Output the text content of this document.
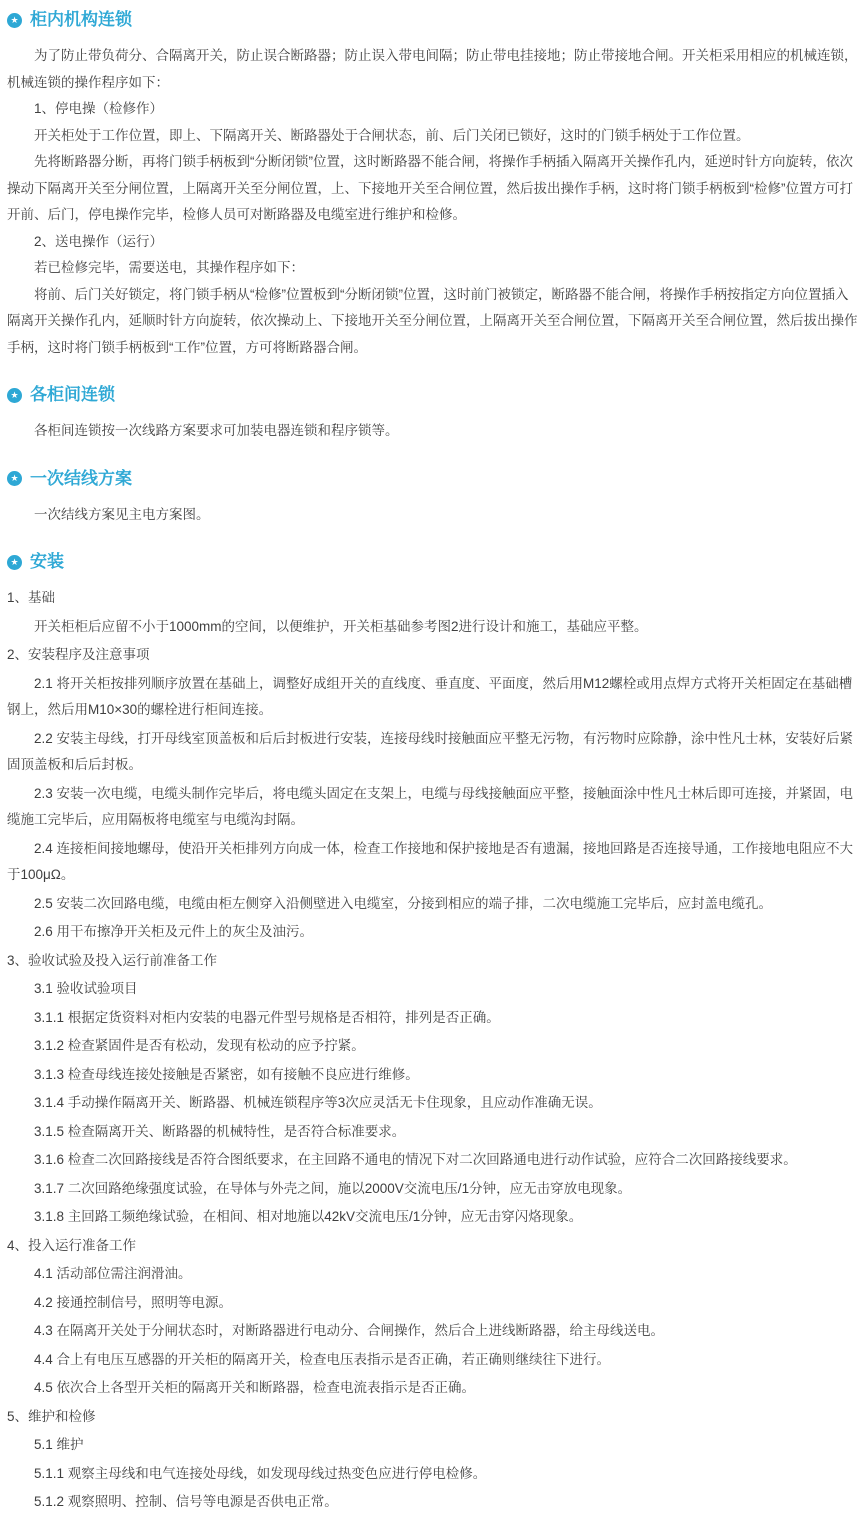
★ 柜内机构连锁

为了防止带负荷分、合隔离开关，防止误合断路器；防止误入带电间隔；防止带电挂接地；防止带接地合闸。开关柜采用相应的机械连锁，机械连锁的操作程序如下：

1、停电操（检修作）

开关柜处于工作位置，即上、下隔离开关、断路器处于合闸状态，前、后门关闭已锁好，这时的门锁手柄处于工作位置。

先将断路器分断，再将门锁手柄板到“分断闭锁”位置，这时断路器不能合闸，将操作手柄插入隔离开关操作孔内，延逆时针方向旋转，依次操动下隔离开关至分闸位置，上隔离开关至分闸位置，上、下接地开关至合闸位置，然后拔出操作手柄，这时将门锁手柄板到“检修”位置方可打开前、后门，停电操作完毕，检修人员可对断路器及电缆室进行维护和检修。

2、送电操作（运行）

若已检修完毕，需要送电，其操作程序如下：

将前、后门关好锁定，将门锁手柄从“检修”位置板到“分断闭锁”位置，这时前门被锁定，断路器不能合闸，将操作手柄按指定方向位置插入隔离开关操作孔内，延顺时针方向旋转，依次操动上、下接地开关至分闸位置，上隔离开关至合闸位置，下隔离开关至合闸位置，然后拔出操作手柄，这时将门锁手柄板到“工作”位置，方可将断路器合闸。

★ 各柜间连锁

各柜间连锁按一次线路方案要求可加装电器连锁和程序锁等。

★ 一次结线方案

一次结线方案见主电方案图。

★ 安装

1、基础

开关柜柜后应留不小于1000mm的空间，以便维护，开关柜基础参考图2进行设计和施工，基础应平整。

2、安装程序及注意事项

2.1 将开关柜按排列顺序放置在基础上，调整好成组开关的直线度、垂直度、平面度，然后用M12螺栓或用点焊方式将开关柜固定在基础槽钢上，然后用M10×30的螺栓进行柜间连接。

2.2 安装主母线，打开母线室顶盖板和后后封板进行安装，连接母线时接触面应平整无污物，有污物时应除静，涂中性凡士林，安装好后紧固顶盖板和后后封板。

2.3 安装一次电缆，电缆头制作完毕后，将电缆头固定在支架上，电缆与母线接触面应平整，接触面涂中性凡士林后即可连接，并紧固，电缆施工完毕后，应用隔板将电缆室与电缆沟封隔。

2.4 连接柜间接地螺母，使沿开关柜排列方向成一体，检查工作接地和保护接地是否有遗漏，接地回路是否连接导通，工作接地电阻应不大于100μΩ。

2.5 安装二次回路电缆，电缆由柜左侧穿入沿侧壁进入电缆室，分接到相应的端子排，二次电缆施工完毕后，应封盖电缆孔。

2.6 用干布擦净开关柜及元件上的灰尘及油污。

3、验收试验及投入运行前准备工作

3.1 验收试验项目

3.1.1 根据定货资料对柜内安装的电器元件型号规格是否相符，排列是否正确。

3.1.2 检查紧固件是否有松动，发现有松动的应予拧紧。

3.1.3 检查母线连接处接触是否紧密，如有接触不良应进行维修。

3.1.4 手动操作隔离开关、断路器、机械连锁程序等3次应灵活无卡住现象，且应动作准确无误。

3.1.5 检查隔离开关、断路器的机械特性，是否符合标准要求。

3.1.6 检查二次回路接线是否符合图纸要求，在主回路不通电的情况下对二次回路通电进行动作试验，应符合二次回路接线要求。

3.1.7 二次回路绝缘强度试验，在导体与外壳之间，施以2000V交流电压/1分钟，应无击穿放电现象。

3.1.8 主回路工频绝缘试验，在相间、相对地施以42kV交流电压/1分钟，应无击穿闪烙现象。

4、投入运行准备工作

4.1 活动部位需注润滑油。

4.2 接通控制信号，照明等电源。

4.3 在隔离开关处于分闸状态时，对断路器进行电动分、合闸操作，然后合上进线断路器，给主母线送电。

4.4 合上有电压互感器的开关柜的隔离开关，检查电压表指示是否正确，若正确则继续往下进行。

4.5 依次合上各型开关柜的隔离开关和断路器，检查电流表指示是否正确。

5、维护和检修

5.1 维护

5.1.1 观察主母线和电气连接处母线，如发现母线过热变色应进行停电检修。

5.1.2 观察照明、控制、信号等电源是否供电正常。
